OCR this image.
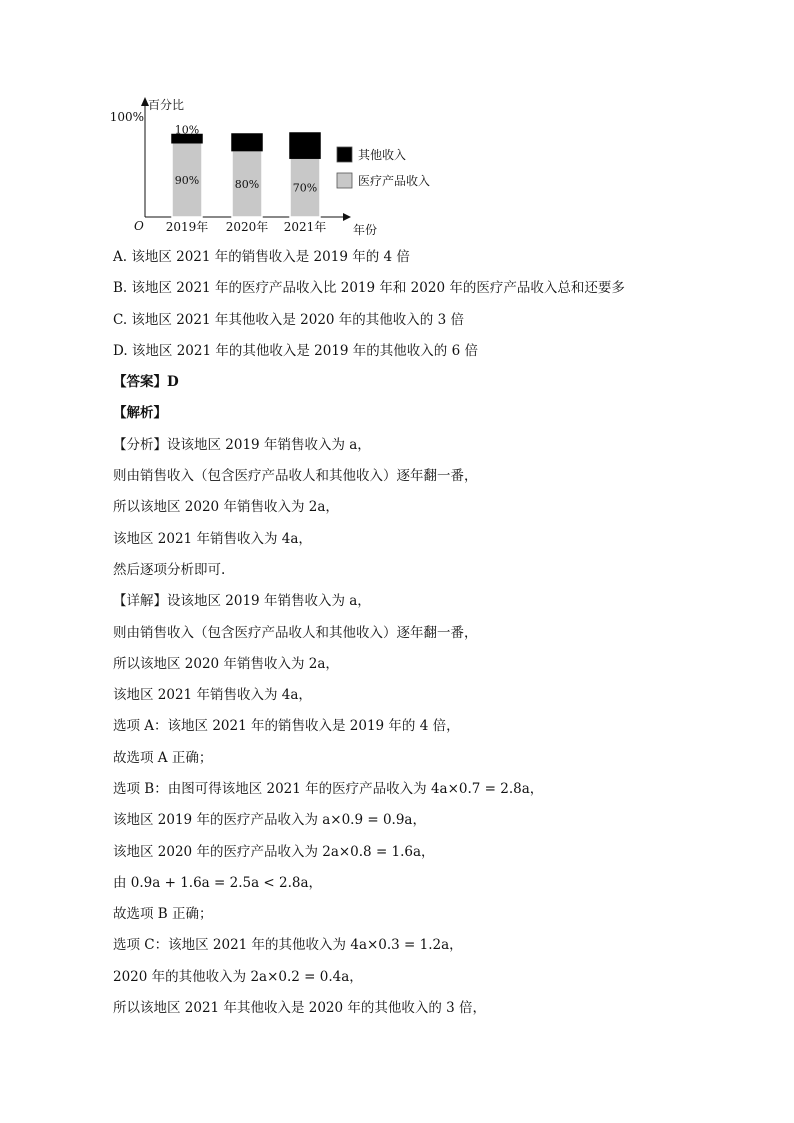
百分比
100%
O	年份
90%
10%
2019年
80%
2020年
70%
2021年
其他收入
医疗产品收入
A. 该地区 2021 年的销售收入是 2019 年的 4 倍
B. 该地区 2021 年的医疗产品收入比 2019 年和 2020 年的医疗产品收入总和还要多
C. 该地区 2021 年其他收入是 2020 年的其他收入的 3 倍
D. 该地区 2021 年的其他收入是 2019 年的其他收入的 6 倍
【答案】D
【解析】
【分析】设该地区 2019 年销售收入为 a，
则由销售收入（包含医疗产品收人和其他收入）逐年翻一番，
所以该地区 2020 年销售收入为 2a，
该地区 2021 年销售收入为 4a，
然后逐项分析即可.
【详解】设该地区 2019 年销售收入为 a，
则由销售收入（包含医疗产品收人和其他收入）逐年翻一番，
所以该地区 2020 年销售收入为 2a，
该地区 2021 年销售收入为 4a，
选项 A：该地区 2021 年的销售收入是 2019 年的 4 倍，
故选项 A 正确；
选项 B：由图可得该地区 2021 年的医疗产品收入为 4a×0.7 = 2.8a，
该地区 2019 年的医疗产品收入为 a×0.9 = 0.9a，
该地区 2020 年的医疗产品收入为 2a×0.8 = 1.6a，
由 0.9a + 1.6a = 2.5a < 2.8a，
故选项 B 正确；
选项 C：该地区 2021 年的其他收入为 4a×0.3 = 1.2a，
2020 年的其他收入为 2a×0.2 = 0.4a，
所以该地区 2021 年其他收入是 2020 年的其他收入的 3 倍，
